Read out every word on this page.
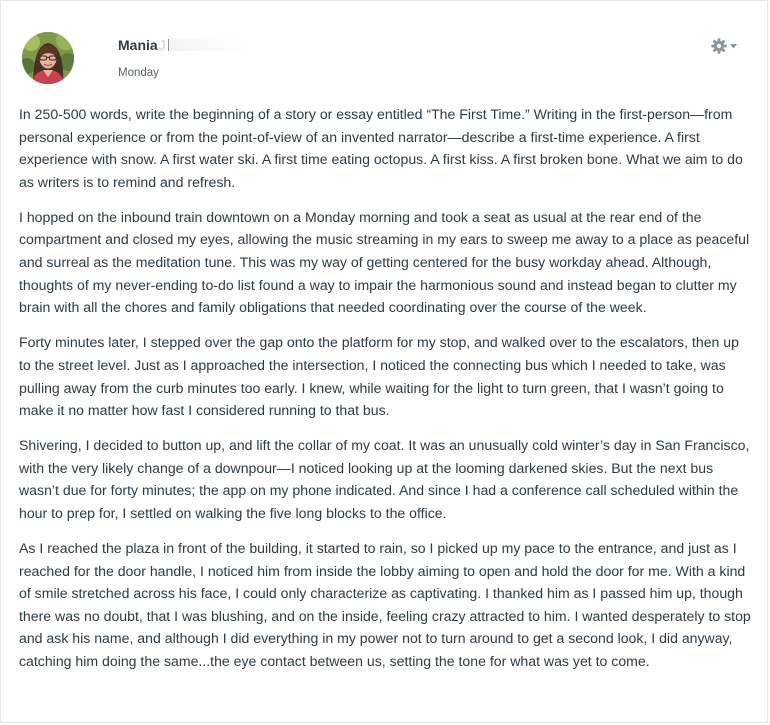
ManiaJ
Monday

In 250-500 words, write the beginning of a story or essay entitled “The First Time.” Writing in the first-person—from personal experience or from the point-of-view of an invented narrator—describe a first-time experience. A first experience with snow. A first water ski. A first time eating octopus. A first kiss. A first broken bone. What we aim to do as writers is to remind and refresh.

I hopped on the inbound train downtown on a Monday morning and took a seat as usual at the rear end of the compartment and closed my eyes, allowing the music streaming in my ears to sweep me away to a place as peaceful and surreal as the meditation tune. This was my way of getting centered for the busy workday ahead. Although, thoughts of my never-ending to-do list found a way to impair the harmonious sound and instead began to clutter my brain with all the chores and family obligations that needed coordinating over the course of the week.

Forty minutes later, I stepped over the gap onto the platform for my stop, and walked over to the escalators, then up to the street level. Just as I approached the intersection, I noticed the connecting bus which I needed to take, was pulling away from the curb minutes too early. I knew, while waiting for the light to turn green, that I wasn’t going to make it no matter how fast I considered running to that bus.

Shivering, I decided to button up, and lift the collar of my coat. It was an unusually cold winter’s day in San Francisco, with the very likely change of a downpour—I noticed looking up at the looming darkened skies. But the next bus wasn’t due for forty minutes; the app on my phone indicated. And since I had a conference call scheduled within the hour to prep for, I settled on walking the five long blocks to the office.

As I reached the plaza in front of the building, it started to rain, so I picked up my pace to the entrance, and just as I reached for the door handle, I noticed him from inside the lobby aiming to open and hold the door for me. With a kind of smile stretched across his face, I could only characterize as captivating. I thanked him as I passed him up, though there was no doubt, that I was blushing, and on the inside, feeling crazy attracted to him. I wanted desperately to stop and ask his name, and although I did everything in my power not to turn around to get a second look, I did anyway, catching him doing the same...the eye contact between us, setting the tone for what was yet to come.
